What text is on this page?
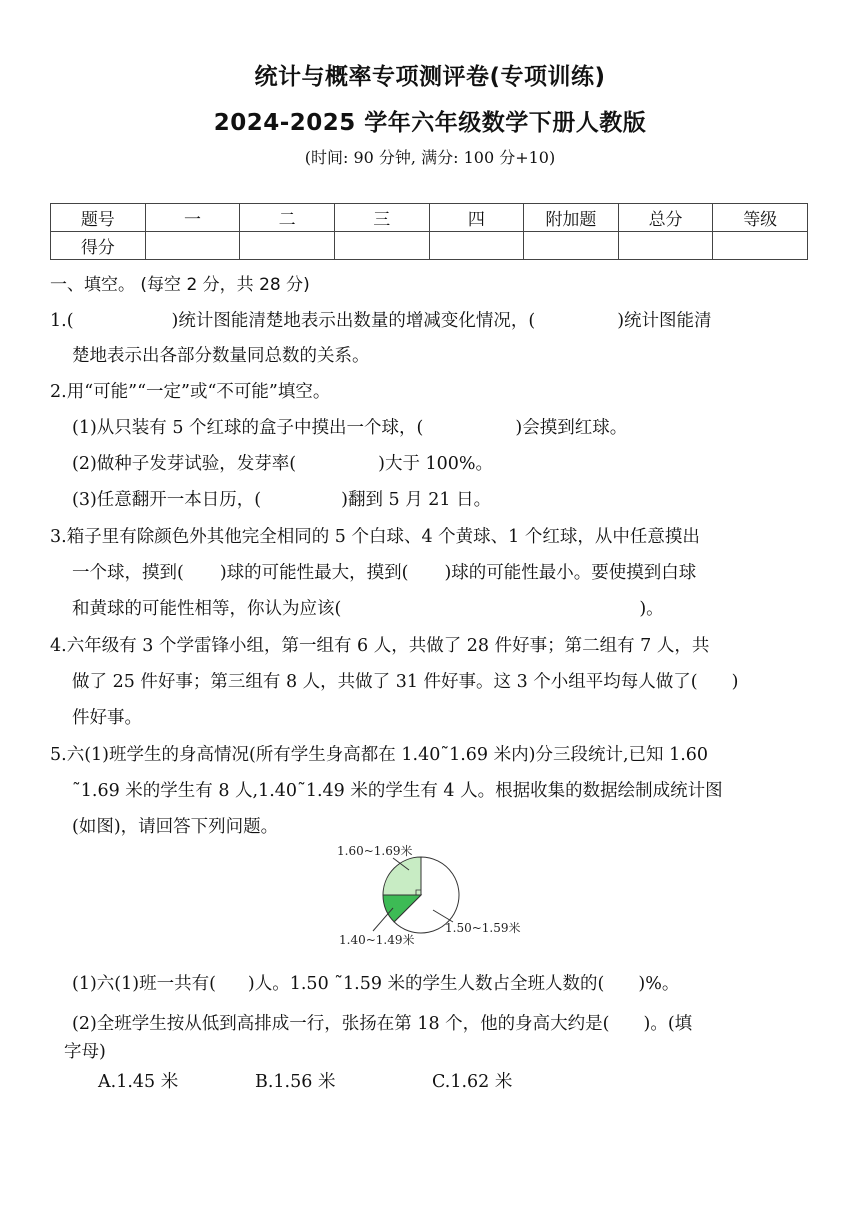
统计与概率专项测评卷(专项训练)
2024-2025 学年六年级数学下册人教版
(时间: 90 分钟, 满分: 100 分+10)
题号	一	二	三	四	附加题	总分	等级
得分							
一、填空。 (每空 2 分，共 28 分)
1.(	)统计图能清楚地表示出数量的增减变化情况，(	)统计图能清
楚地表示出各部分数量同总数的关系。
2.用“可能”“一定”或“不可能”填空。
(1)从只装有 5 个红球的盒子中摸出一个球，(	)会摸到红球。
(2)做种子发芽试验，发芽率(	)大于 100%。
(3)任意翻开一本日历，(	)翻到 5 月 21 日。
3.箱子里有除颜色外其他完全相同的 5 个白球、4 个黄球、1 个红球，从中任意摸出
一个球，摸到( )球的可能性最大，摸到( )球的可能性最小。要使摸到白球
和黄球的可能性相等，你认为应该(	)。
4.六年级有 3 个学雷锋小组，第一组有 6 人，共做了 28 件好事；第二组有 7 人，共
做了 25 件好事；第三组有 8 人，共做了 31 件好事。这 3 个小组平均每人做了( )
件好事。
5.六(1)班学生的身高情况(所有学生身高都在 1.40˜1.69 米内)分三段统计,已知 1.60
˜1.69 米的学生有 8 人,1.40˜1.49 米的学生有 4 人。根据收集的数据绘制成统计图
(如图)，请回答下列问题。
1.60~1.69米
1.50~1.59米
1.40~1.49米
(1)六(1)班一共有( )人。1.50 ˜1.59 米的学生人数占全班人数的( )%。
(2)全班学生按从低到高排成一行，张扬在第 18 个，他的身高大约是( )。(填
字母)
A.1.45 米	B.1.56 米	C.1.62 米
